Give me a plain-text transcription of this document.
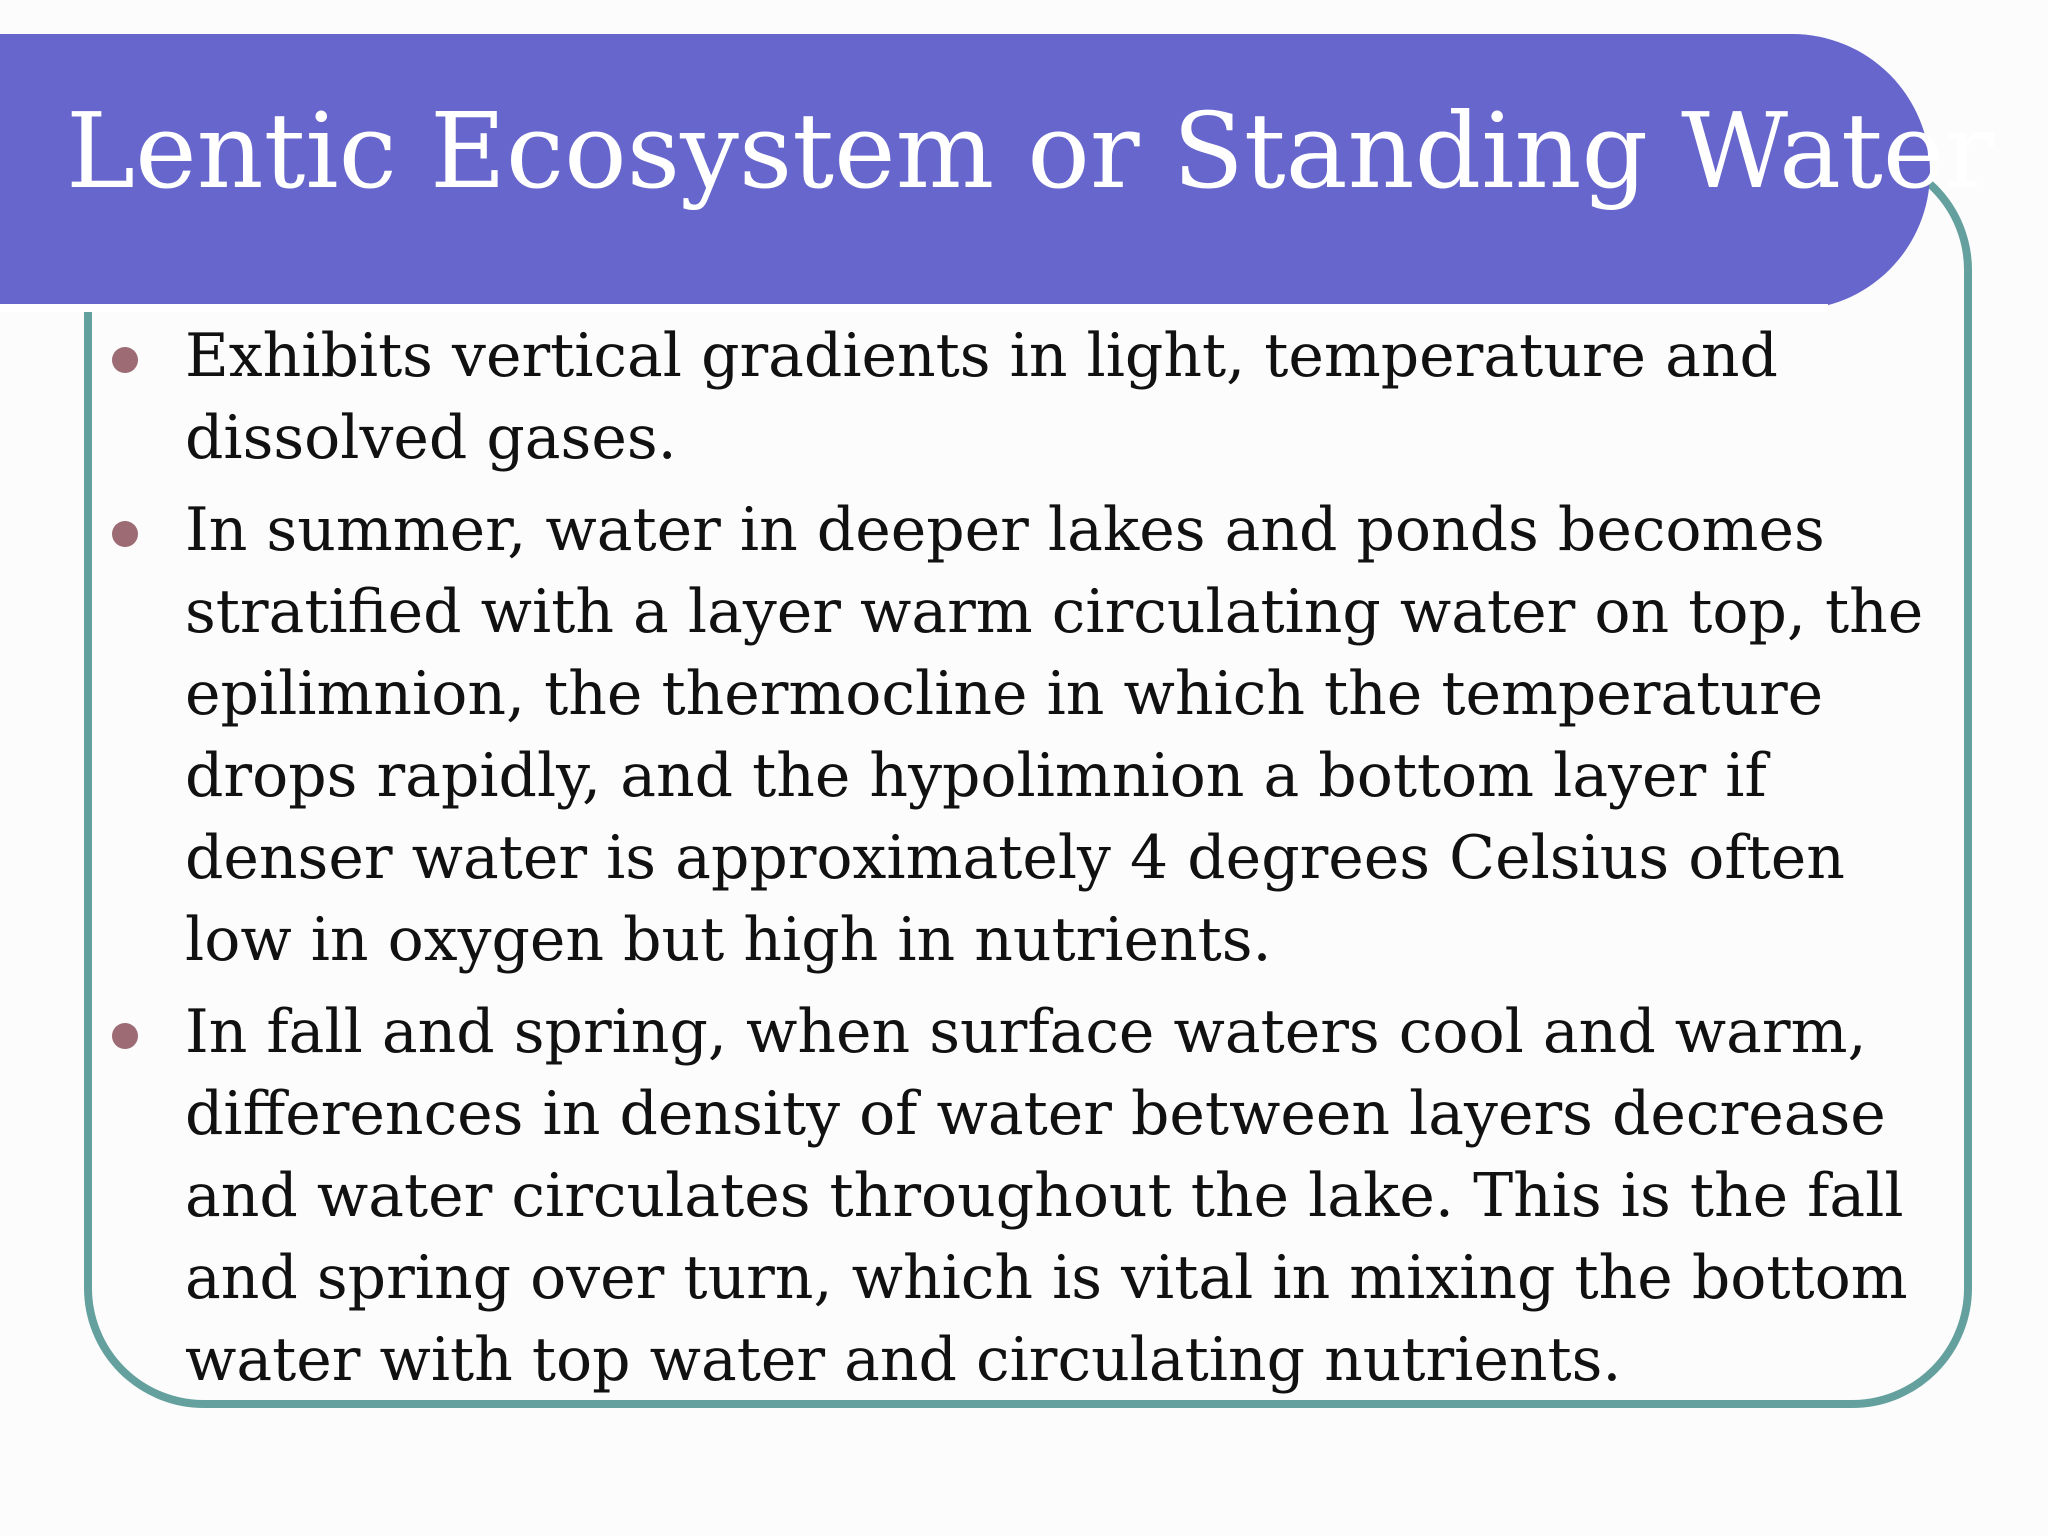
Lentic Ecosystem or Standing Water
Exhibits vertical gradients in light, temperature and dissolved gases.
In summer, water in deeper lakes and ponds becomes stratified with a layer warm circulating water on top, the epilimnion, the thermocline in which the temperature drops rapidly, and the hypolimnion a bottom layer if denser water is approximately 4 degrees Celsius often low in oxygen but high in nutrients.
In fall and spring, when surface waters cool and warm, differences in density of water between layers decrease and water circulates throughout the lake. This is the fall and spring over turn, which is vital in mixing the bottom water with top water and circulating nutrients.
